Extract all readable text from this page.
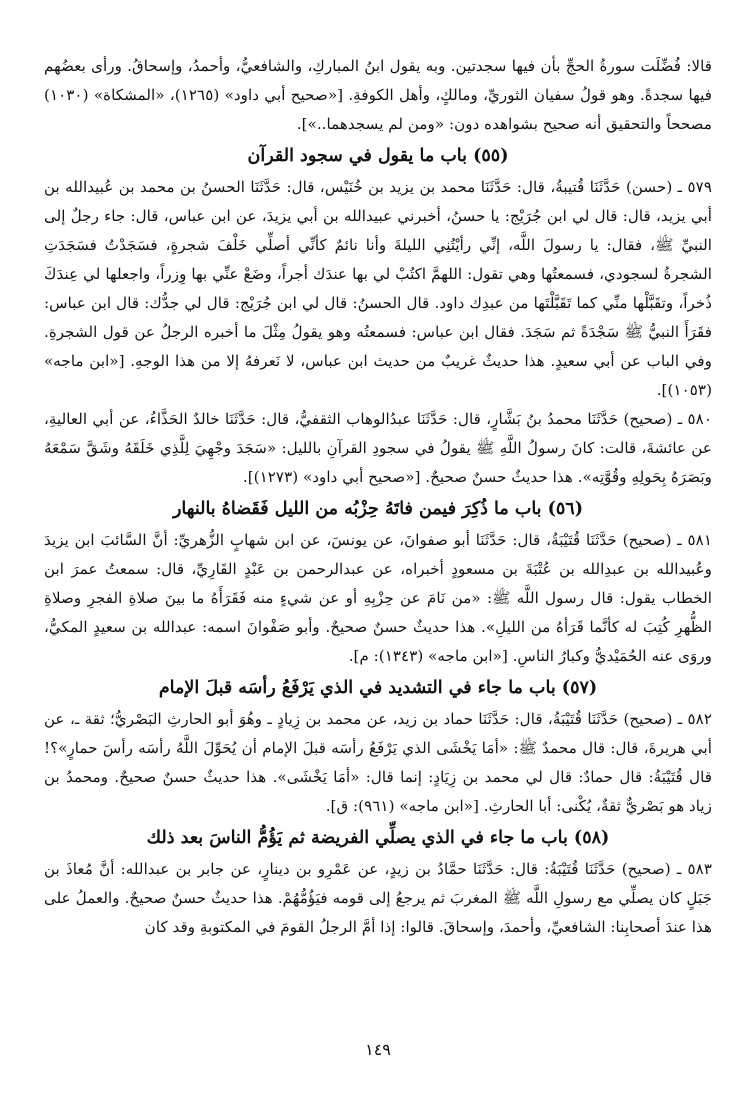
قالا: فُضِّلَت سورةُ الحجِّ بأن فيها سجدتين. وبه يقول ابنُ المباركِ، والشافعيُّ، وأحمدُ، وإسحاقُ. ورأى بعضُهم فيها سجدةً. وهو قولُ سفيان الثوريِّ، ومالكٍ، وأهل الكوفةِ. [«صحيح أبي داود» (١٢٦٥)، «المشكاة» (١٠٣٠) مصححاً والتحقيق أنه صحيح بشواهده دون: «ومن لم يسجدهما..»].

(٥٥) باب ما يقول في سجود القرآن

٥٧٩ ـ (حسن) حَدَّثَنَا قُتيبةُ، قال: حَدَّثَنَا محمد بن يزيد بن خُنَيْس، قال: حَدَّثَنَا الحسنُ بن محمد بن عُبيدالله بن أبي يزيد، قال: قال لي ابن جُرَيْج: يا حسنُ، أخبرني عبيدالله بن أبي يزيدَ، عن ابن عباس، قال: جاء رجلٌ إلى النبيِّ ﷺ، فقال: يا رسولَ اللَّه، إنِّي رأيْتُنِي الليلةَ وأنا نائمٌ كأنِّي أصلِّي خَلْفَ شجرةٍ، فسَجَدْتُ فسَجَدَتِ الشجرةُ لسجودي، فسمعتُها وهي تقول: اللهمَّ اكتُبْ لي بها عندَك أجراً، وضَعْ عنِّي بها وِزراً، واجعلها لي عِندَكَ ذُخراً، وتقَبَّلْها منِّي كما تَقَبَّلْتَها من عبدِك داود. قال الحسنُ: قال لي ابن جُرَيْج: قال لي جدُّك: قال ابن عباس: فقَرَأَ النبيُّ ﷺ سَجْدَةً ثم سَجَدَ. فقال ابن عباس: فسمعتُه وهو يقولُ مِثْلَ ما أخبره الرجلُ عن قول الشجرةِ. وفي الباب عن أبي سعيدٍ. هذا حديثٌ غريبٌ من حديث ابن عباس، لا نَعرفهُ إلا من هذا الوجهِ. [«ابن ماجه» (١٠٥٣)].

٥٨٠ ـ (صحيح) حَدَّثَنَا محمدُ بنُ بَشَّارٍ، قال: حَدَّثَنَا عبدُالوهاب الثقفيُّ، قال: حَدَّثَنَا خالدٌ الحَذَّاءُ، عن أبي العاليةِ، عن عائشةَ، قالت: كانَ رسولُ اللَّهِ ﷺ يقولُ في سجودِ القرآنِ بالليل: «سَجَدَ وجْهِيَ لِلَّذِي خَلَقَهُ وشَقَّ سَمْعَهُ وبَصَرَهُ بِحَولِهِ وقُوَّتِه». هذا حديثٌ حسنٌ صحيحٌ. [«صحيح أبي داود» (١٢٧٣)].

(٥٦) باب ما ذُكِرَ فيمن فاتَهُ حِزْبُه من الليل فَقَضاهُ بالنهار

٥٨١ ـ (صحيح) حَدَّثَنَا قُتَيْبَةُ، قال: حَدَّثَنَا أبو صفوانَ، عن يونسَ، عن ابن شهابٍ الزُّهريِّ: أنَّ السَّائبَ ابن يزيدَ وعُبيدالله بن عبدِالله بن عُتْبَةَ بن مسعودٍ أخبراه، عن عبدالرحمن بن عَبْدٍ القَارِيِّ، قال: سمعتُ عمرَ ابن الخطاب يقول: قال رسول اللَّه ﷺ: «من نَامَ عن حِزْبِهِ أو عن شيءٍ منه فَقَرَأَهُ ما بينَ صلاةِ الفجرِ وصلاةِ الظُّهرِ كُتِبَ له كأنَّما قَرَأهُ من الليلِ». هذا حديثٌ حسنٌ صحيحٌ. وأبو صَفْوانَ اسمه: عبدالله بن سعيدٍ المكيُّ، وروَى عنه الحُمَيْديُّ وكبارُ الناسِ. [«ابن ماجه» (١٣٤٣): م].

(٥٧) باب ما جاء في التشديد في الذي يَرْفَعُ رأسَه قبلَ الإمام

٥٨٢ ـ (صحيح) حَدَّثَنَا قُتَيْبَةُ، قال: حَدَّثَنَا حماد بن زيد، عن محمد بن زِيادٍ ـ وهُوَ أبو الحارثِ البَصْريُّ؛ ثقة ـ، عن أبي هريرةَ، قال: قال محمدٌ ﷺ: «أمَا يَخْشَى الذي يَرْفَعُ رأسَه قبلَ الإمام أن يُحَوِّلَ اللَّهُ رأسَه رأسَ حمارٍ»؟! قال قُتَيْبَةُ: قال حمادٌ: قال لي محمد بن زِيَادٍ: إنما قال: «أمَا يَخْشَى». هذا حديثٌ حسنٌ صحيحٌ. ومحمدُ بن زياد هو بَصْريٌّ ثقةٌ، يُكْنى: أبا الحارثِ. [«ابن ماجه» (٩٦١): ق].

(٥٨) باب ما جاء في الذي يصلِّي الفريضة ثم يَؤُمُّ الناسَ بعد ذلك

٥٨٣ ـ (صحيح) حَدَّثَنَا قُتَيْبَةُ: قال: حَدَّثَنَا حمَّادُ بن زيدٍ، عن عَمْرِو بن دينارٍ، عن جابر بن عبدالله: أنَّ مُعاذَ بن جَبَلٍ كان يصلِّي مع رسولِ اللَّه ﷺ المغربَ ثم يرجعُ إلى قومه فيَؤُمُّهُمْ. هذا حديثٌ حسنٌ صحيحٌ. والعملُ على هذا عندَ أصحابِنا: الشافعيِّ، وأحمدَ، وإسحاقَ. قالوا: إذا أمَّ الرجلُ القومَ في المكتوبةِ وقد كان

١٤٩
